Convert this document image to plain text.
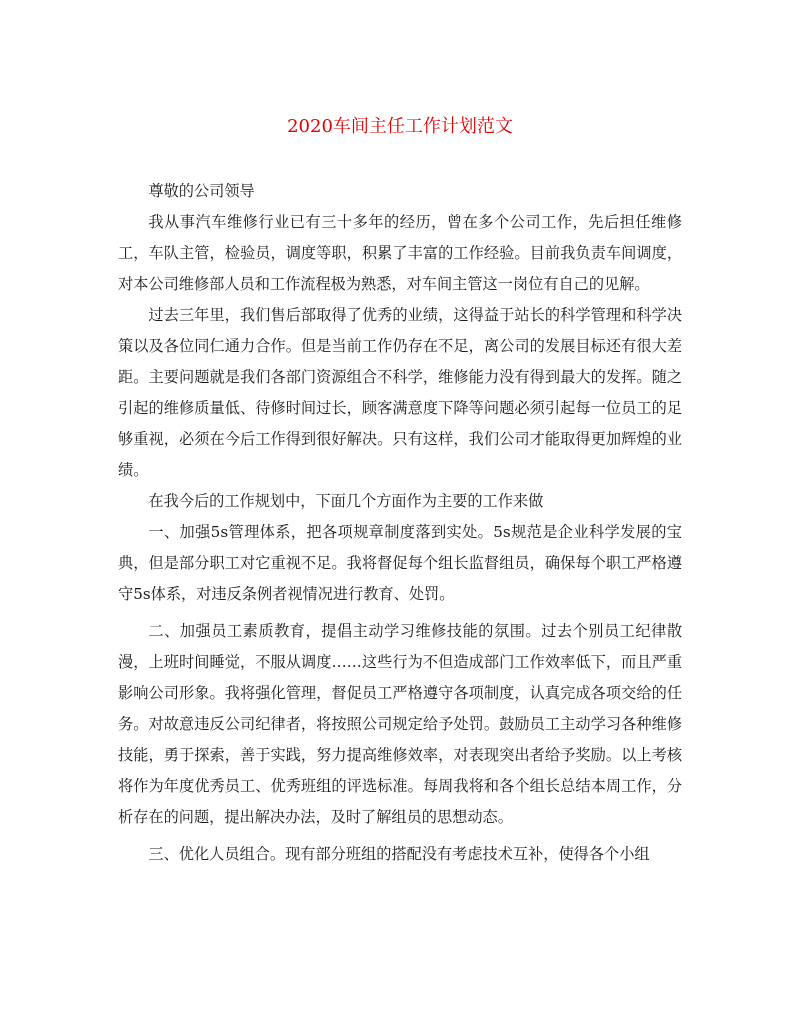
2020车间主任工作计划范文

尊敬的公司领导

我从事汽车维修行业已有三十多年的经历，曾在多个公司工作，先后担任维修工，车队主管，检验员，调度等职，积累了丰富的工作经验。目前我负责车间调度，对本公司维修部人员和工作流程极为熟悉，对车间主管这一岗位有自己的见解。

过去三年里，我们售后部取得了优秀的业绩，这得益于站长的科学管理和科学决策以及各位同仁通力合作。但是当前工作仍存在不足，离公司的发展目标还有很大差距。主要问题就是我们各部门资源组合不科学，维修能力没有得到最大的发挥。随之引起的维修质量低、待修时间过长，顾客满意度下降等问题必须引起每一位员工的足够重视，必须在今后工作得到很好解决。只有这样，我们公司才能取得更加辉煌的业绩。

在我今后的工作规划中，下面几个方面作为主要的工作来做

一、加强5s管理体系，把各项规章制度落到实处。5s规范是企业科学发展的宝典，但是部分职工对它重视不足。我将督促每个组长监督组员，确保每个职工严格遵守5s体系，对违反条例者视情况进行教育、处罚。

二、加强员工素质教育，提倡主动学习维修技能的氛围。过去个别员工纪律散漫，上班时间睡觉，不服从调度……这些行为不但造成部门工作效率低下，而且严重影响公司形象。我将强化管理，督促员工严格遵守各项制度，认真完成各项交给的任务。对故意违反公司纪律者，将按照公司规定给予处罚。鼓励员工主动学习各种维修技能，勇于探索，善于实践，努力提高维修效率，对表现突出者给予奖励。以上考核将作为年度优秀员工、优秀班组的评选标准。每周我将和各个组长总结本周工作，分析存在的问题，提出解决办法，及时了解组员的思想动态。

三、优化人员组合。现有部分班组的搭配没有考虑技术互补，使得各个小组
